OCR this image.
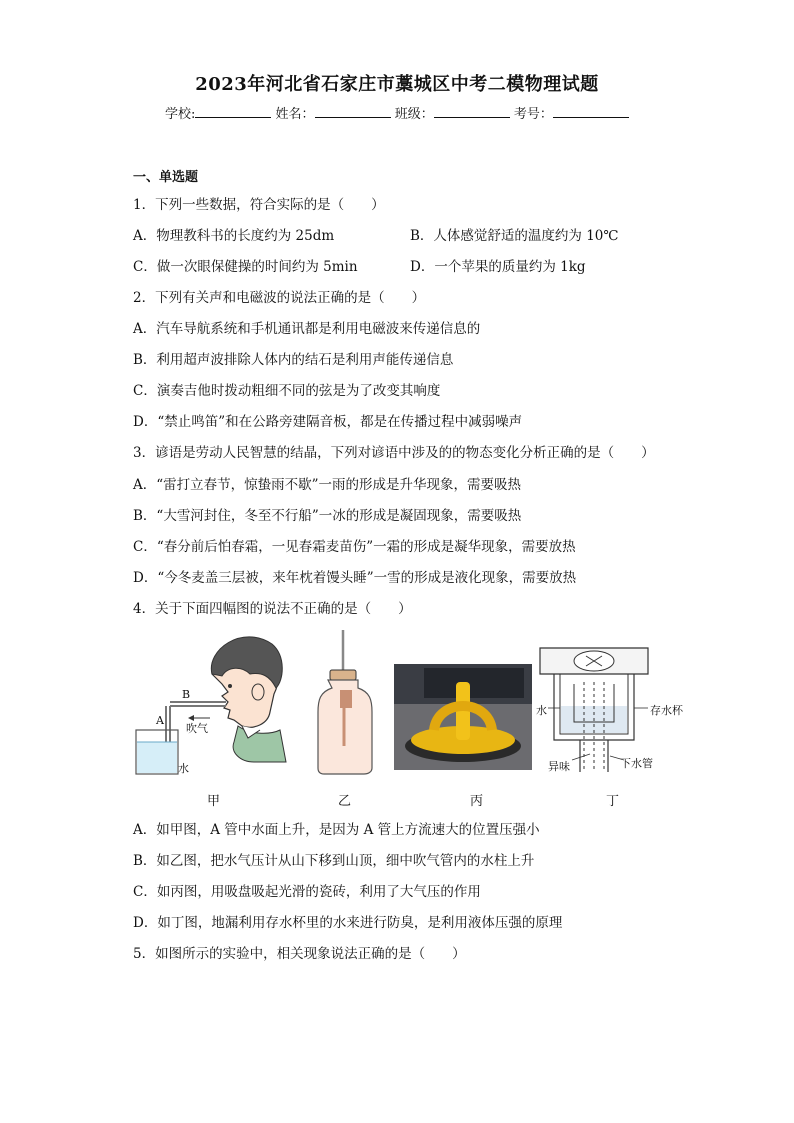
2023年河北省石家庄市藁城区中考二模物理试题
学校:	姓名：	班级：	考号：
一、单选题
1．下列一些数据，符合实际的是（　　）
A．物理教科书的长度约为 25dm	B．人体感觉舒适的温度约为 10℃
C．做一次眼保健操的时间约为 5min	D．一个苹果的质量约为 1kg
2．下列有关声和电磁波的说法正确的是（　　）
A．汽车导航系统和手机通讯都是利用电磁波来传递信息的
B．利用超声波排除人体内的结石是利用声能传递信息
C．演奏吉他时拨动粗细不同的弦是为了改变其响度
D．“禁止鸣笛”和在公路旁建隔音板，都是在传播过程中减弱噪声
3．谚语是劳动人民智慧的结晶，下列对谚语中涉及的的物态变化分析正确的是（　　）
A．“雷打立春节，惊蛰雨不歇”一雨的形成是升华现象，需要吸热
B．“大雪河封住，冬至不行船”一冰的形成是凝固现象，需要吸热
C．“春分前后怕春霜，一见春霜麦苗伤”一霜的形成是凝华现象，需要放热
D．“今冬麦盖三层被，来年枕着馒头睡”一雪的形成是液化现象，需要放热
4．关于下面四幅图的说法不正确的是（　　）
B
A
吹气
水
水	存水杯
异味	下水管
甲	乙	丙	丁
A．如甲图，A 管中水面上升，是因为 A 管上方流速大的位置压强小
B．如乙图，把水气压计从山下移到山顶，细中吹气管内的水柱上升
C．如丙图，用吸盘吸起光滑的瓷砖，利用了大气压的作用
D．如丁图，地漏利用存水杯里的水来进行防臭，是利用液体压强的原理
5．如图所示的实验中，相关现象说法正确的是（　　）
